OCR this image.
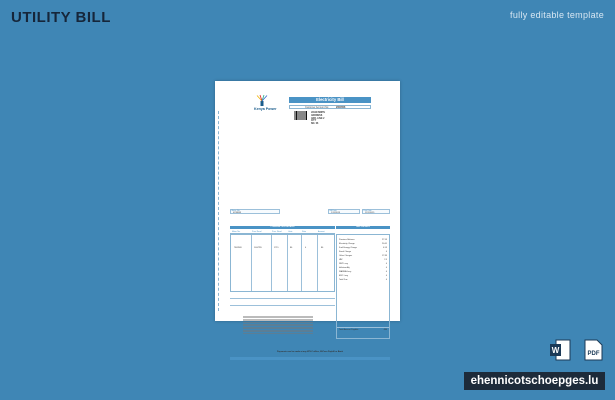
UTILITY BILL	fully editable template
Kenya Power
Electricity Bill
Customer Account No:	2004506
JOHN SMITH
ADDRESS
ADD. LINE 2
CITY
NO. 06
Meter No:
0738833
Bill Date
1/11/2019
Due Date
12/1/2019
CONSUMPTION DETAILS	BILL DETAILS
Meter No.	Prev. Read	Pres. Read	Units	Rate	Amount
7843520	1007295	1715	86	0	86
Previous Balance	27.99
Electricity Charge	20.61
Fuel Energy Charge	4.53
Fixed Charge	0
Other Charges	17.89
VAT	2.5
REP Levy	0
Inflation Adj.	0
WARMA Levy	0
ERC Levy	0
Total Due	0
Total Amount Payable	480
Payments can be made at any KPLC office, M-Pesa Paybill or Bank	W	PDF
ehennicotschoepges.lu
